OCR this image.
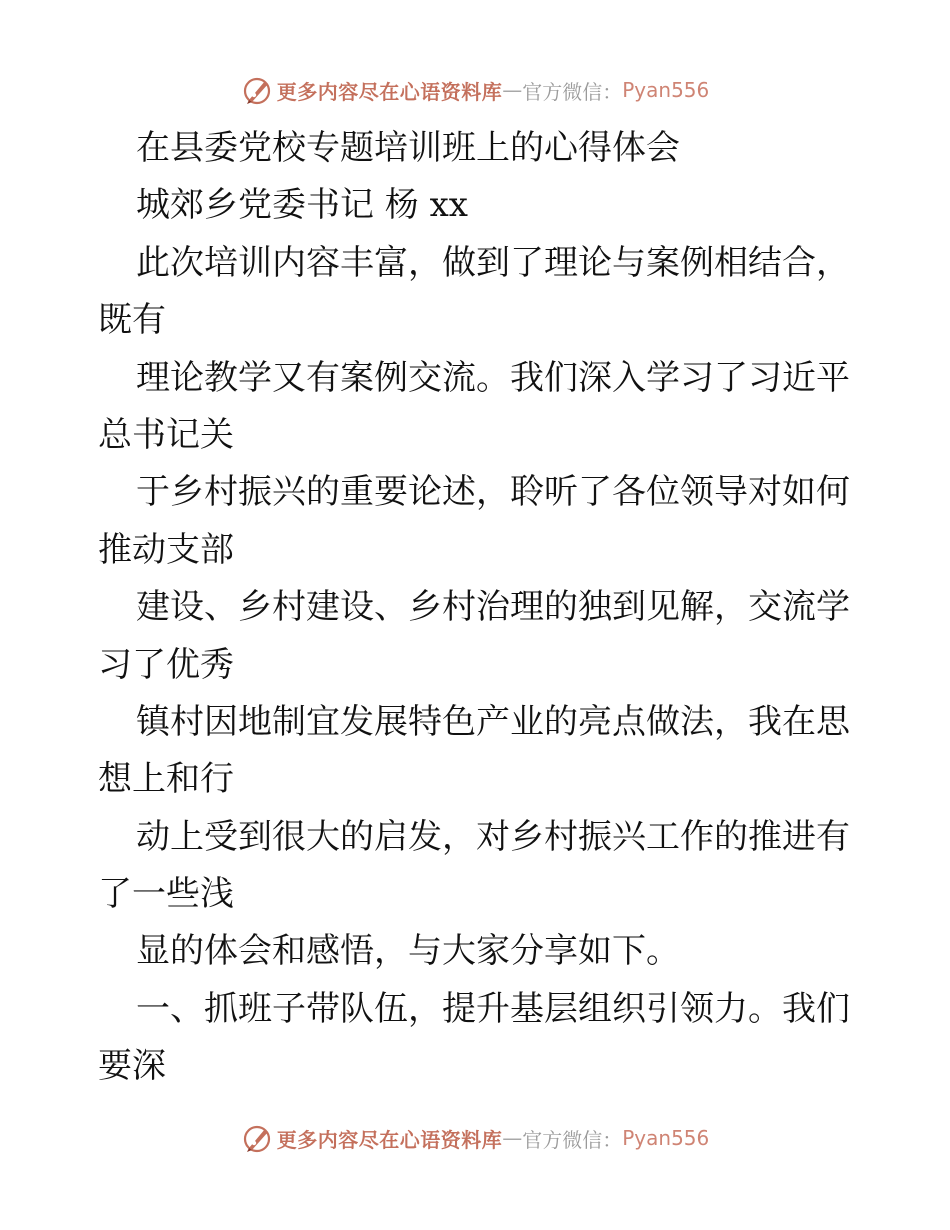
更多内容尽在心语资料库 — 官方微信： Pyan556
在县委党校专题培训班上的心得体会
城郊乡党委书记 杨 xx
此次培训内容丰富，做到了理论与案例相结合，
既有
理论教学又有案例交流。我们深入学习了习近平
总书记关
于乡村振兴的重要论述，聆听了各位领导对如何
推动支部
建设、乡村建设、乡村治理的独到见解，交流学
习了优秀
镇村因地制宜发展特色产业的亮点做法，我在思
想上和行
动上受到很大的启发，对乡村振兴工作的推进有
了一些浅
显的体会和感悟，与大家分享如下。
一、抓班子带队伍，提升基层组织引领力。我们
要深
更多内容尽在心语资料库 — 官方微信： Pyan556
